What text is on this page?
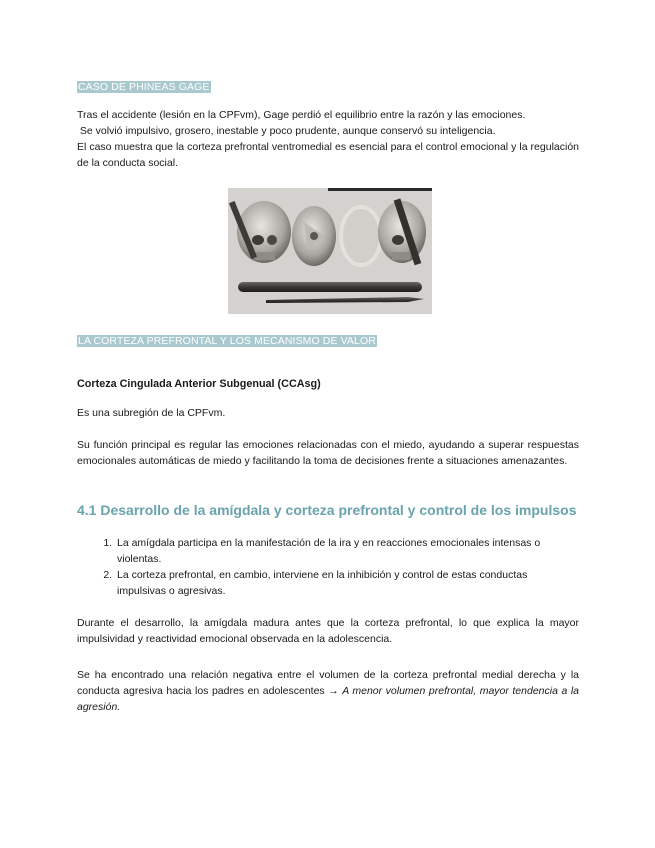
CASO DE PHINEAS GAGE

Tras el accidente (lesión en la CPFvm), Gage perdió el equilibrio entre la razón y las emociones.

Se volvió impulsivo, grosero, inestable y poco prudente, aunque conservó su inteligencia.

El caso muestra que la corteza prefrontal ventromedial es esencial para el control emocional y la regulación de la conducta social.

LA CORTEZA PREFRONTAL Y LOS MECANISMO DE VALOR

Corteza Cingulada Anterior Subgenual (CCAsg)

Es una subregión de la CPFvm.

Su función principal es regular las emociones relacionadas con el miedo, ayudando a superar respuestas emocionales automáticas de miedo y facilitando la toma de decisiones frente a situaciones amenazantes.

4.1 Desarrollo de la amígdala y corteza prefrontal y control de los impulsos

1. La amígdala participa en la manifestación de la ira y en reacciones emocionales intensas o violentas.
2. La corteza prefrontal, en cambio, interviene en la inhibición y control de estas conductas impulsivas o agresivas.

Durante el desarrollo, la amígdala madura antes que la corteza prefrontal, lo que explica la mayor impulsividad y reactividad emocional observada en la adolescencia.

Se ha encontrado una relación negativa entre el volumen de la corteza prefrontal medial derecha y la conducta agresiva hacia los padres en adolescentes → A menor volumen prefrontal, mayor tendencia a la agresión.
